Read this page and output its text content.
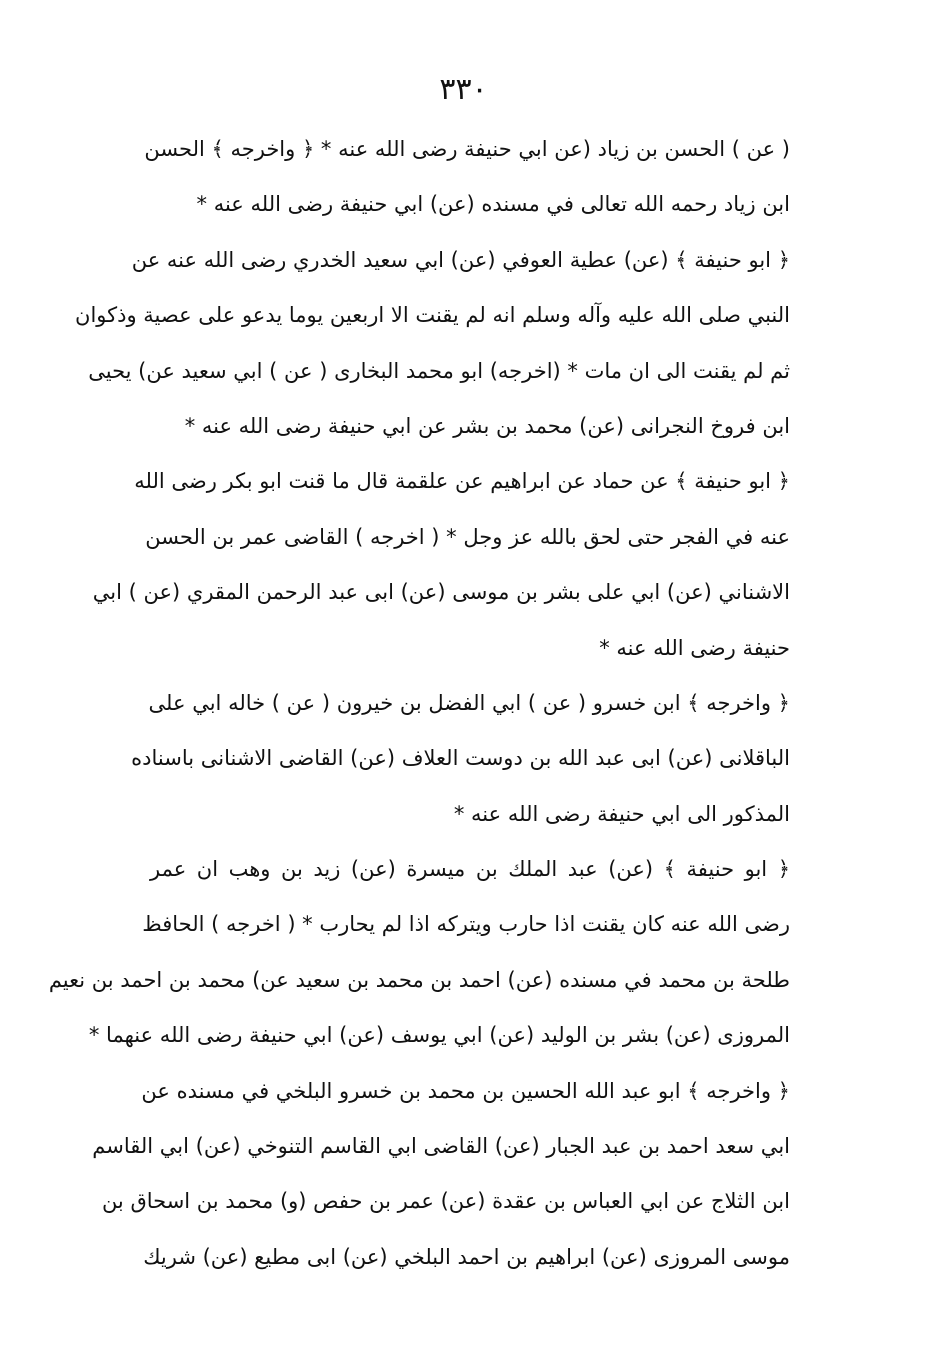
۳۳۰
( عن ) الحسن بن زياد (عن ابي حنيفة رضى الله عنه * ﴿ واخرجه ﴾ الحسن
ابن زياد رحمه الله تعالى في مسنده (عن) ابي حنيفة رضى الله عنه *
﴿ ابو حنيفة ﴾ (عن) عطية العوفي (عن) ابي سعيد الخدري رضى الله عنه عن
النبي صلى الله عليه وآله وسلم انه لم يقنت الا اربعين يوما يدعو على عصية وذكوان
ثم لم يقنت الى ان مات * (اخرجه) ابو محمد البخارى ( عن ) ابي سعيد عن) يحيى
ابن فروخ النجرانى (عن) محمد بن بشر عن ابي حنيفة رضى الله عنه *
﴿ ابو حنيفة ﴾ عن حماد عن ابراهيم عن علقمة قال ما قنت ابو بكر رضى الله
عنه في الفجر حتى لحق بالله عز وجل * ( اخرجه ) القاضى عمر بن الحسن
الاشناني (عن) ابي على بشر بن موسى (عن) ابى عبد الرحمن المقري (عن ) ابي
حنيفة رضى الله عنه *
﴿ واخرجه ﴾ ابن خسرو ( عن ) ابي الفضل بن خيرون ( عن ) خاله ابي على
الباقلانى (عن) ابى عبد الله بن دوست العلاف (عن) القاضى الاشنانى باسناده
المذكور الى ابي حنيفة رضى الله عنه *
﴿ ابو حنيفة ﴾ (عن) عبد الملك بن ميسرة (عن) زيد بن وهب ان عمر
رضى الله عنه كان يقنت اذا حارب ويتركه اذا لم يحارب * ( اخرجه ) الحافظ
طلحة بن محمد في مسنده (عن) احمد بن محمد بن سعيد عن) محمد بن احمد بن نعيم
المروزى (عن) بشر بن الوليد (عن) ابي يوسف (عن) ابي حنيفة رضى الله عنهما *
﴿ واخرجه ﴾ ابو عبد الله الحسين بن محمد بن خسرو البلخي في مسنده عن
ابي سعد احمد بن عبد الجبار (عن) القاضى ابي القاسم التنوخي (عن) ابي القاسم
ابن الثلاج عن ابي العباس بن عقدة (عن) عمر بن حفص (و) محمد بن اسحاق بن
موسى المروزى (عن) ابراهيم بن احمد البلخي (عن) ابى مطيع (عن) شريك
